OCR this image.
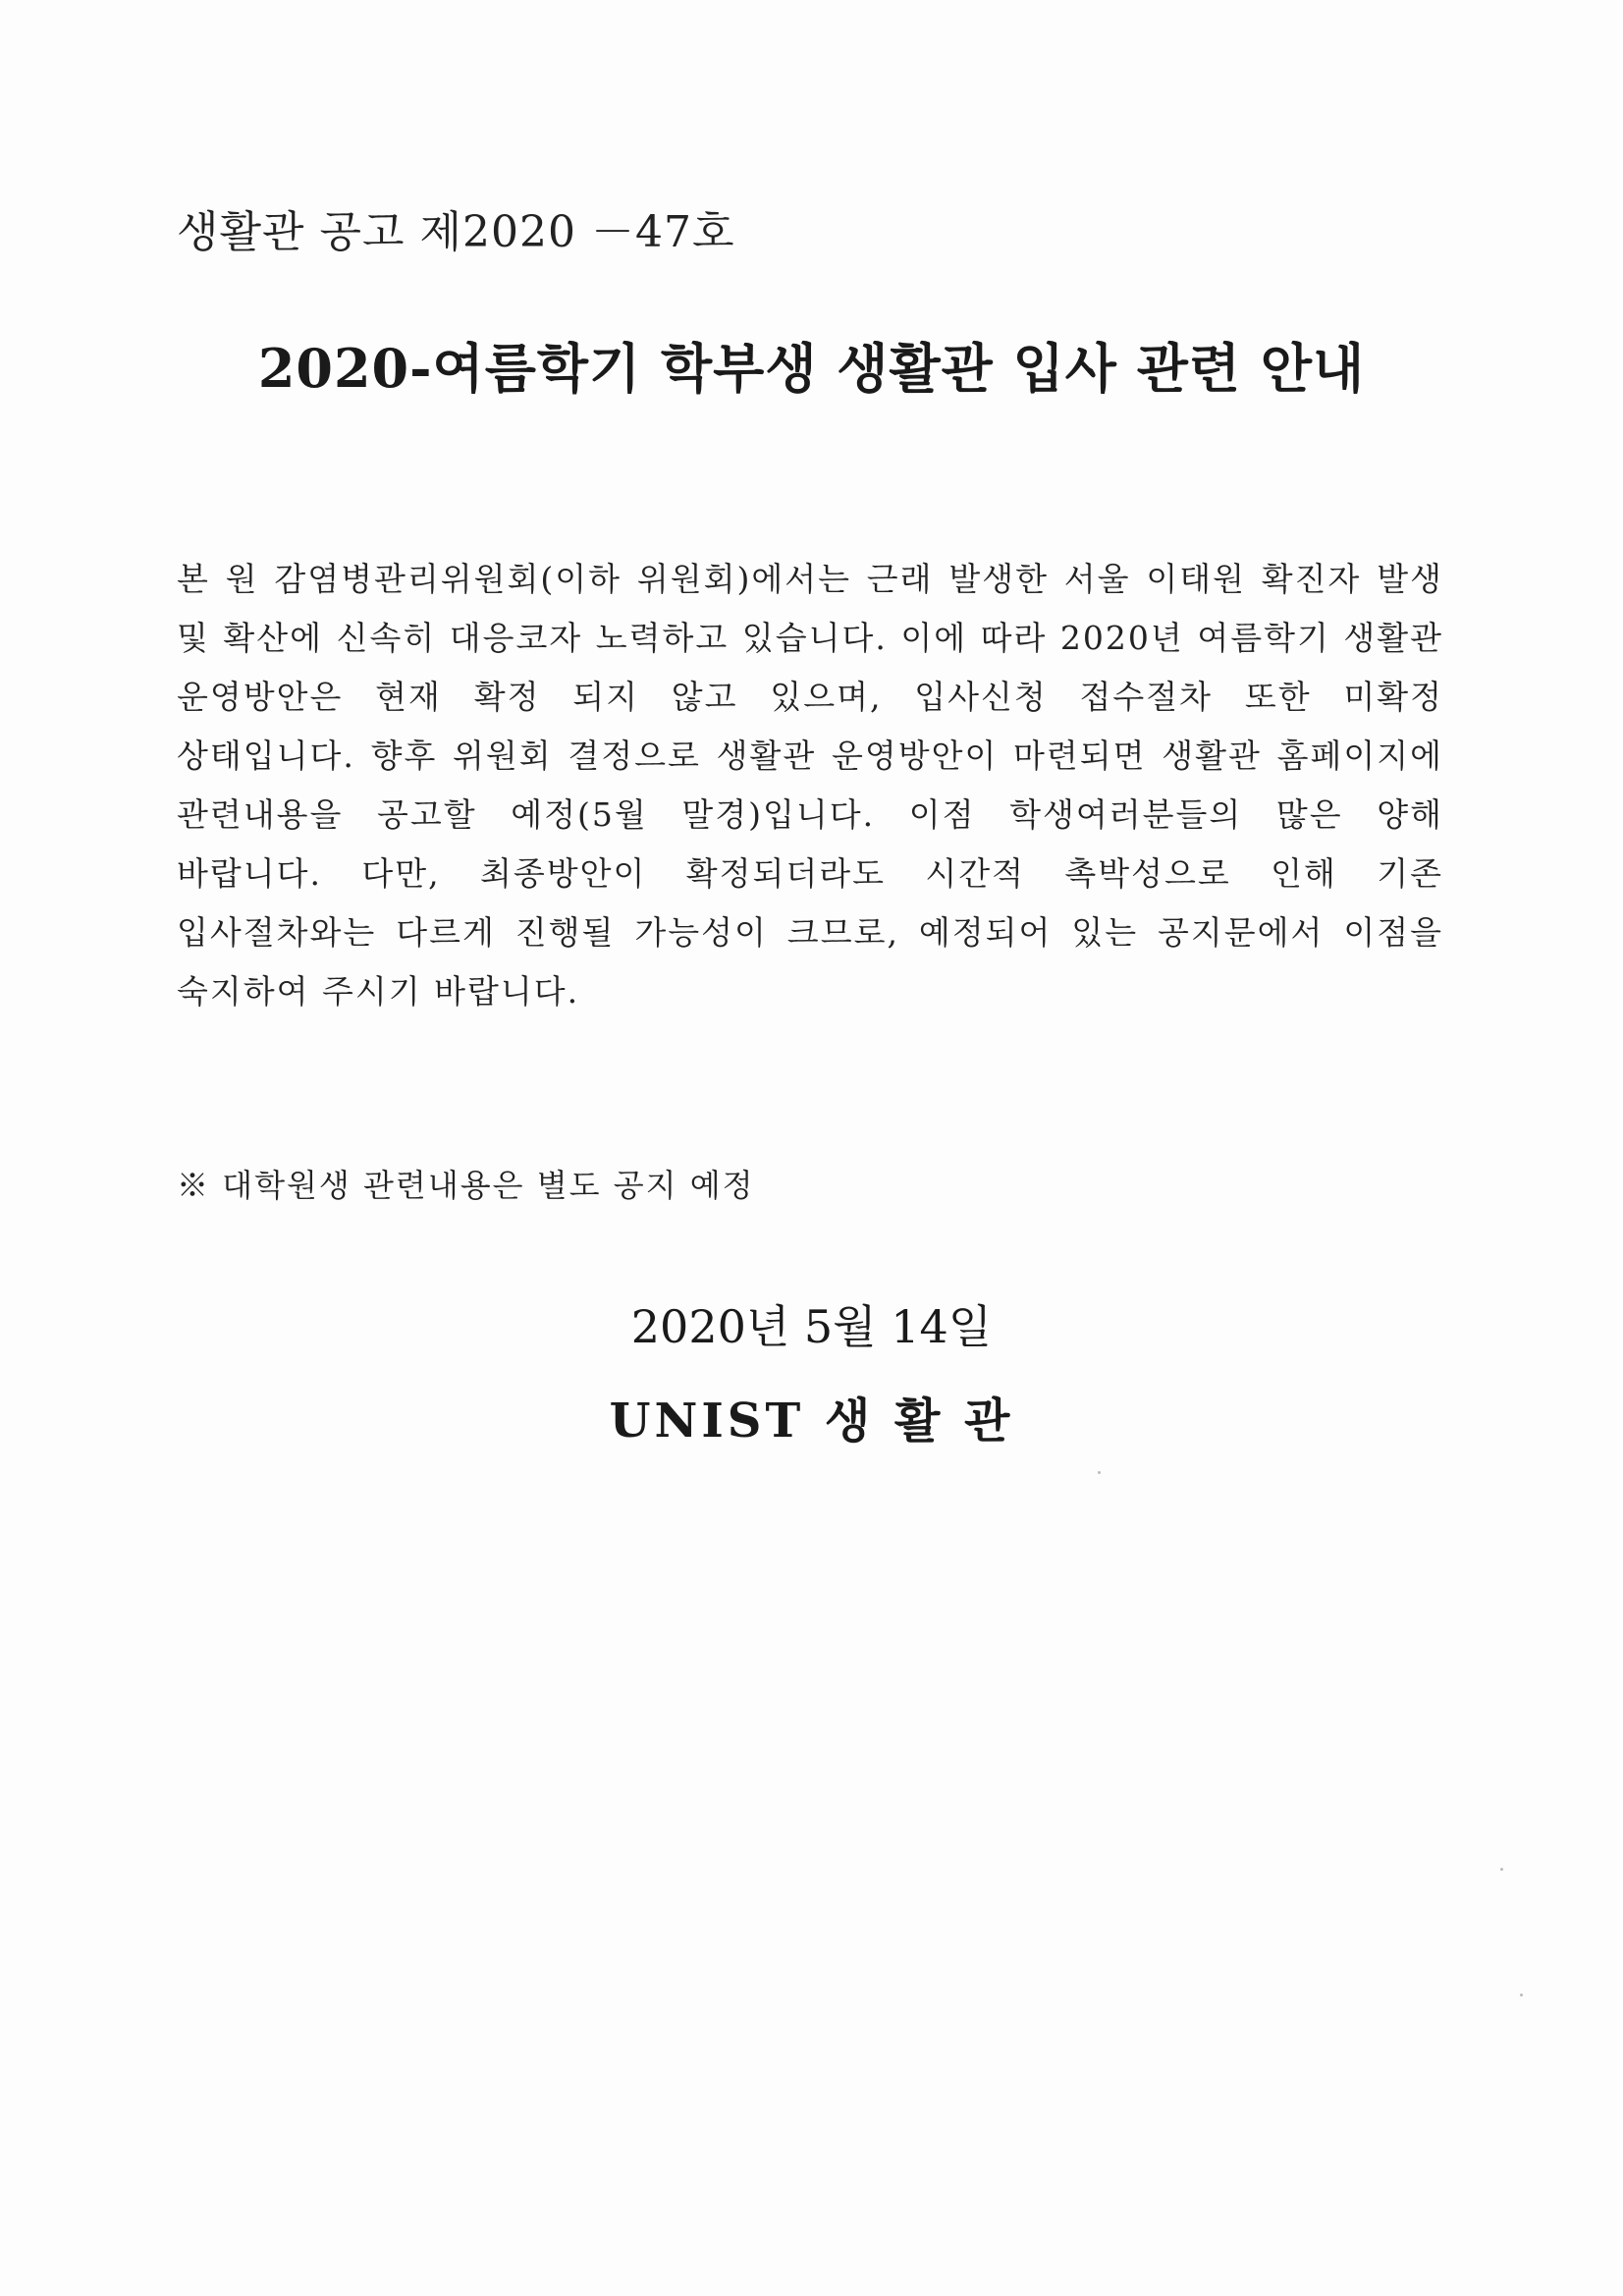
생활관 공고 제2020 －47호
2020-여름학기 학부생 생활관 입사 관련 안내
본 원 감염병관리위원회(이하 위원회)에서는 근래 발생한 서울 이태원 확진자 발생 및 확산에 신속히 대응코자 노력하고 있습니다. 이에 따라 2020년 여름학기 생활관 운영방안은 현재 확정 되지 않고 있으며, 입사신청 접수절차 또한 미확정 상태입니다. 향후 위원회 결정으로 생활관 운영방안이 마련되면 생활관 홈페이지에 관련내용을 공고할 예정(5월 말경)입니다. 이점 학생여러분들의 많은 양해 바랍니다. 다만, 최종방안이 확정되더라도 시간적 촉박성으로 인해 기존 입사절차와는 다르게 진행될 가능성이 크므로, 예정되어 있는 공지문에서 이점을 숙지하여 주시기 바랍니다.
※ 대학원생 관련내용은 별도 공지 예정
2020년 5월 14일
UNIST 생 활 관
